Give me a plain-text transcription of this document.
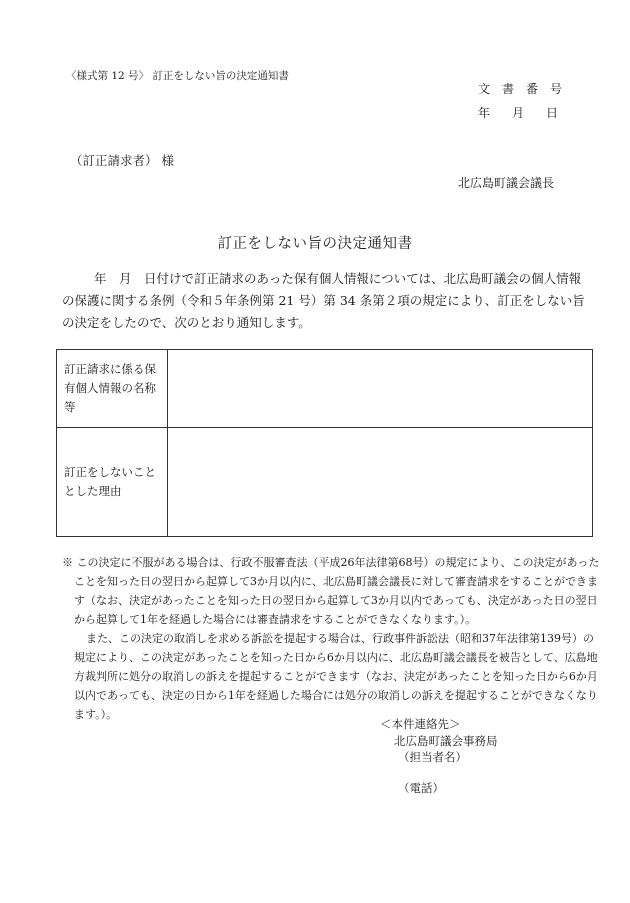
〈様式第 12 号〉 訂正をしない旨の決定通知書
文書番号
年 月 日
（訂正請求者） 様
北広島町議会議長
訂正をしない旨の決定通知書

年　月　日付けで訂正請求のあった保有個人情報については、北広島町議会の個人情報の保護に関する条例（令和５年条例第 21 号）第 34 条第２項の規定により、訂正をしない旨の決定をしたので、次のとおり通知します。

訂正請求に係る保有個人情報の名称等	
訂正をしないこととした理由	

※ この決定に不服がある場合は、行政不服審査法（平成26年法律第68号）の規定により、この決定があったことを知った日の翌日から起算して3か月以内に、北広島町議会議長に対して審査請求をすることができます（なお、決定があったことを知った日の翌日から起算して3か月以内であっても、決定があった日の翌日から起算して1年を経過した場合には審査請求をすることができなくなります。）。

また、この決定の取消しを求める訴訟を提起する場合は、行政事件訴訟法（昭和37年法律第139号）の規定により、この決定があったことを知った日から6か月以内に、北広島町議会議長を被告として、広島地方裁判所に処分の取消しの訴えを提起することができます（なお、決定があったことを知った日から6か月以内であっても、決定の日から1年を経過した場合には処分の取消しの訴えを提起することができなくなります。）。

＜本件連絡先＞
北広島町議会事務局
（担当者名）
（電話）
